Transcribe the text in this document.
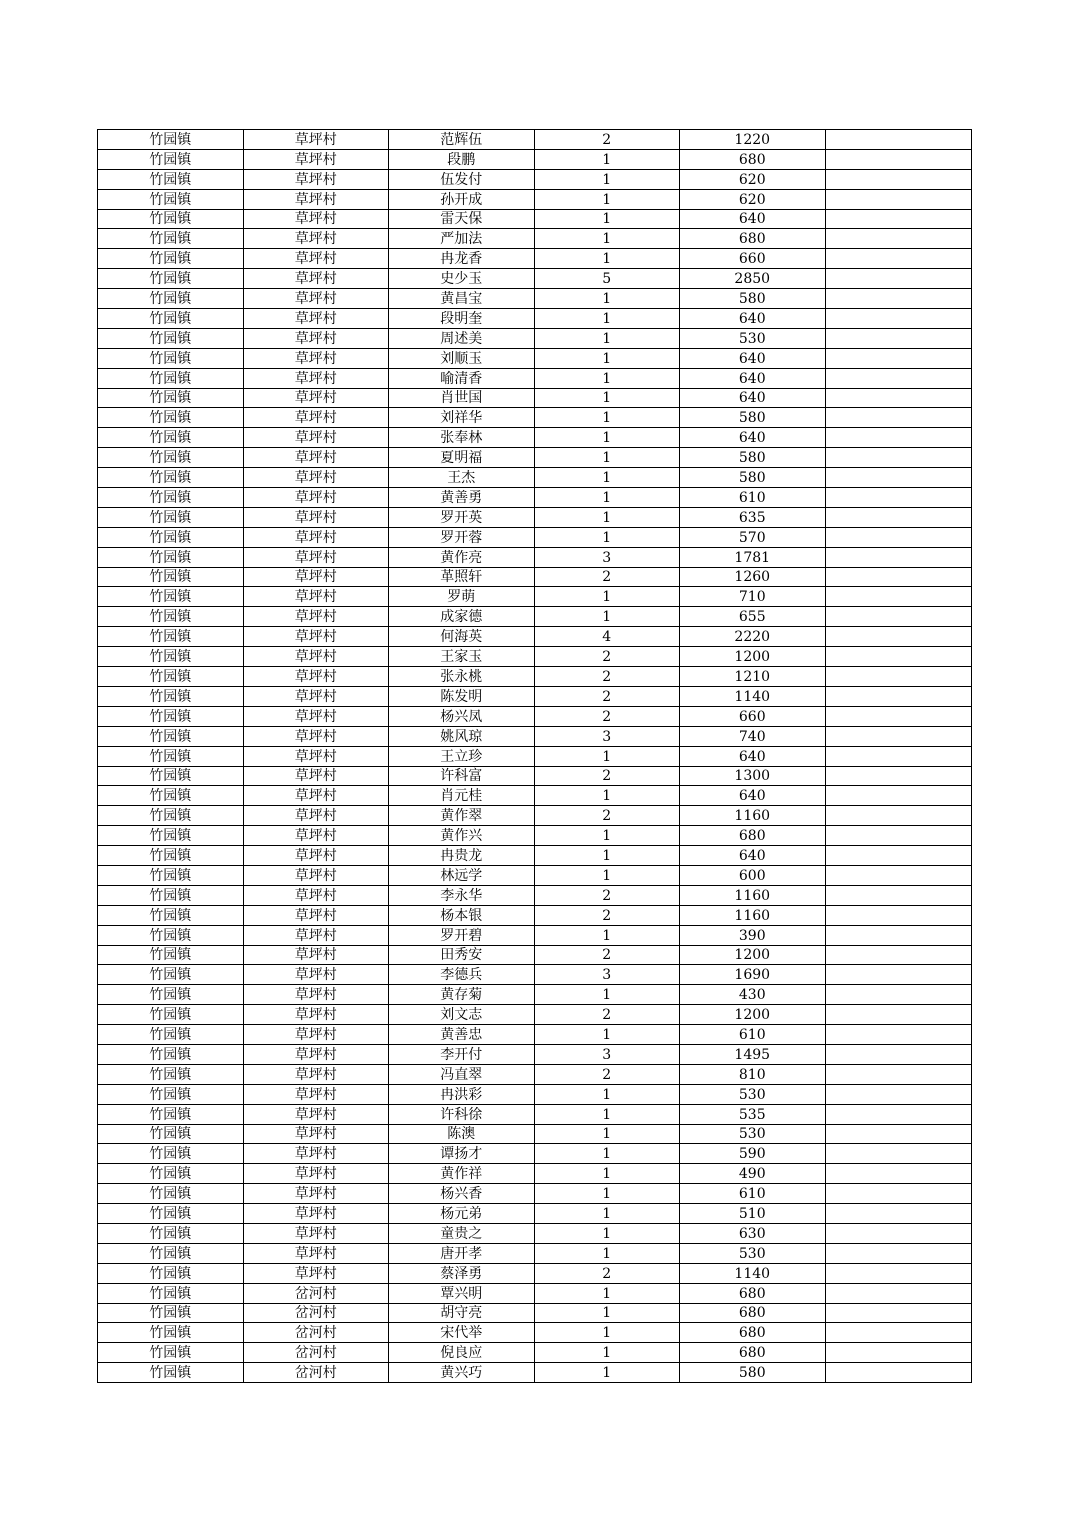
竹园镇	草坪村	范辉伍	2	1220	
竹园镇	草坪村	段鹏	1	680	
竹园镇	草坪村	伍发付	1	620	
竹园镇	草坪村	孙开成	1	620	
竹园镇	草坪村	雷天保	1	640	
竹园镇	草坪村	严加法	1	680	
竹园镇	草坪村	冉龙香	1	660	
竹园镇	草坪村	史少玉	5	2850	
竹园镇	草坪村	黄昌宝	1	580	
竹园镇	草坪村	段明奎	1	640	
竹园镇	草坪村	周述美	1	530	
竹园镇	草坪村	刘顺玉	1	640	
竹园镇	草坪村	喻清香	1	640	
竹园镇	草坪村	肖世国	1	640	
竹园镇	草坪村	刘祥华	1	580	
竹园镇	草坪村	张奉林	1	640	
竹园镇	草坪村	夏明福	1	580	
竹园镇	草坪村	王杰	1	580	
竹园镇	草坪村	黄善勇	1	610	
竹园镇	草坪村	罗开英	1	635	
竹园镇	草坪村	罗开蓉	1	570	
竹园镇	草坪村	黄作亮	3	1781	
竹园镇	草坪村	革照轩	2	1260	
竹园镇	草坪村	罗萌	1	710	
竹园镇	草坪村	成家德	1	655	
竹园镇	草坪村	何海英	4	2220	
竹园镇	草坪村	王家玉	2	1200	
竹园镇	草坪村	张永桃	2	1210	
竹园镇	草坪村	陈发明	2	1140	
竹园镇	草坪村	杨兴凤	2	660	
竹园镇	草坪村	姚风琼	3	740	
竹园镇	草坪村	王立珍	1	640	
竹园镇	草坪村	许科富	2	1300	
竹园镇	草坪村	肖元桂	1	640	
竹园镇	草坪村	黄作翠	2	1160	
竹园镇	草坪村	黄作兴	1	680	
竹园镇	草坪村	冉贵龙	1	640	
竹园镇	草坪村	林远学	1	600	
竹园镇	草坪村	李永华	2	1160	
竹园镇	草坪村	杨本银	2	1160	
竹园镇	草坪村	罗开碧	1	390	
竹园镇	草坪村	田秀安	2	1200	
竹园镇	草坪村	李德兵	3	1690	
竹园镇	草坪村	黄存菊	1	430	
竹园镇	草坪村	刘文志	2	1200	
竹园镇	草坪村	黄善忠	1	610	
竹园镇	草坪村	李开付	3	1495	
竹园镇	草坪村	冯直翠	2	810	
竹园镇	草坪村	冉洪彩	1	530	
竹园镇	草坪村	许科徐	1	535	
竹园镇	草坪村	陈澳	1	530	
竹园镇	草坪村	谭扬才	1	590	
竹园镇	草坪村	黄作祥	1	490	
竹园镇	草坪村	杨兴香	1	610	
竹园镇	草坪村	杨元弟	1	510	
竹园镇	草坪村	童贵之	1	630	
竹园镇	草坪村	唐开孝	1	530	
竹园镇	草坪村	蔡泽勇	2	1140	
竹园镇	岔河村	覃兴明	1	680	
竹园镇	岔河村	胡守亮	1	680	
竹园镇	岔河村	宋代举	1	680	
竹园镇	岔河村	倪良应	1	680	
竹园镇	岔河村	黄兴巧	1	580	
